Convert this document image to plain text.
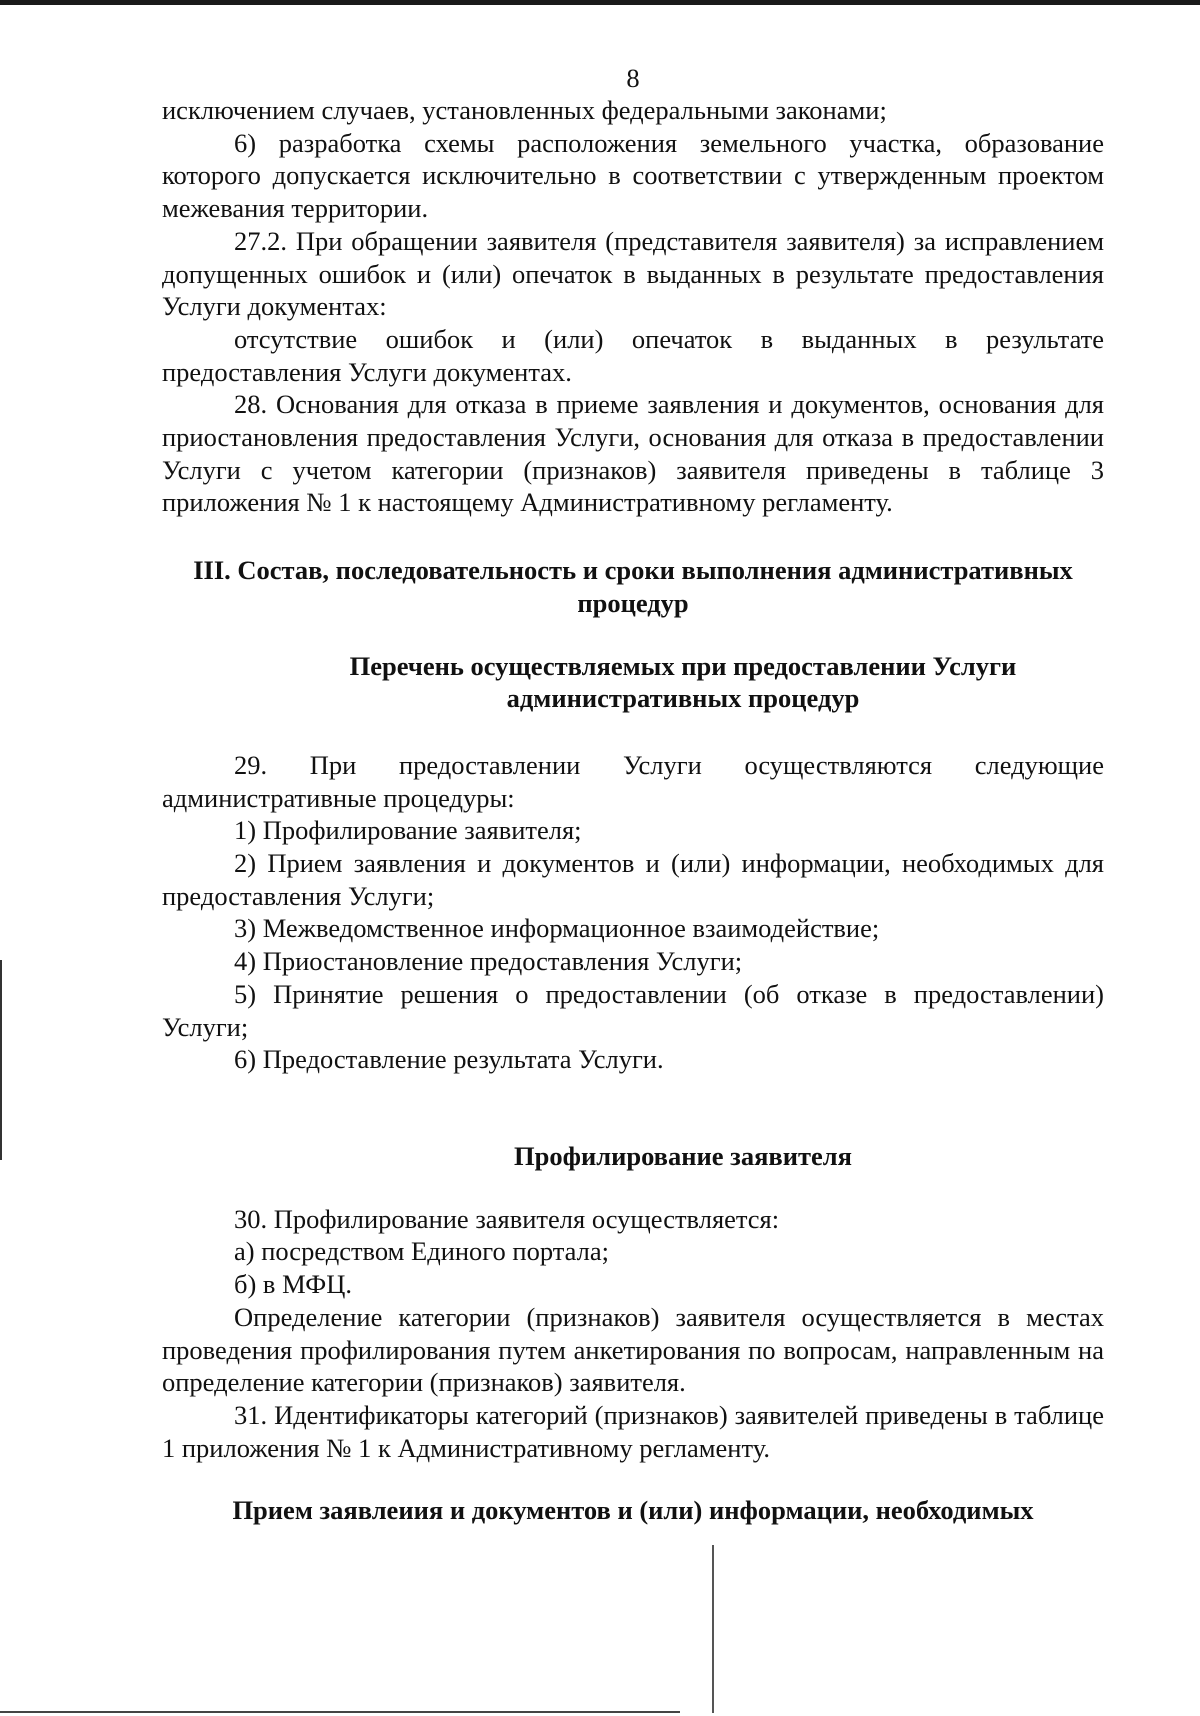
8

исключением случаев, установленных федеральными законами;

6) разработка схемы расположения земельного участка, образование которого допускается исключительно в соответствии с утвержденным проектом межевания территории.

27.2. При обращении заявителя (представителя заявителя) за исправлением допущенных ошибок и (или) опечаток в выданных в результате предоставления Услуги документах:

отсутствие ошибок и (или) опечаток в выданных в результате предоставления Услуги документах.

28. Основания для отказа в приеме заявления и документов, основания для приостановления предоставления Услуги, основания для отказа в предоставлении Услуги с учетом категории (признаков) заявителя приведены в таблице 3 приложения № 1 к настоящему Административному регламенту.

III. Состав, последовательность и сроки выполнения административных процедур
Перечень осуществляемых при предоставлении Услуги административных процедур

29. При предоставлении Услуги осуществляются следующие административные процедуры:

1) Профилирование заявителя;

2) Прием заявления и документов и (или) информации, необходимых для предоставления Услуги;

3) Межведомственное информационное взаимодействие;

4) Приостановление предоставления Услуги;

5) Принятие решения о предоставлении (об отказе в предоставлении) Услуги;

6) Предоставление результата Услуги.

Профилирование заявителя

30. Профилирование заявителя осуществляется:

а) посредством Единого портала;

б) в МФЦ.

Определение категории (признаков) заявителя осуществляется в местах проведения профилирования путем анкетирования по вопросам, направленным на определение категории (признаков) заявителя.

31. Идентификаторы категорий (признаков) заявителей приведены в таблице 1 приложения № 1 к Административному регламенту.

Прием заявлеиия и документов и (или) информации, необходимых
